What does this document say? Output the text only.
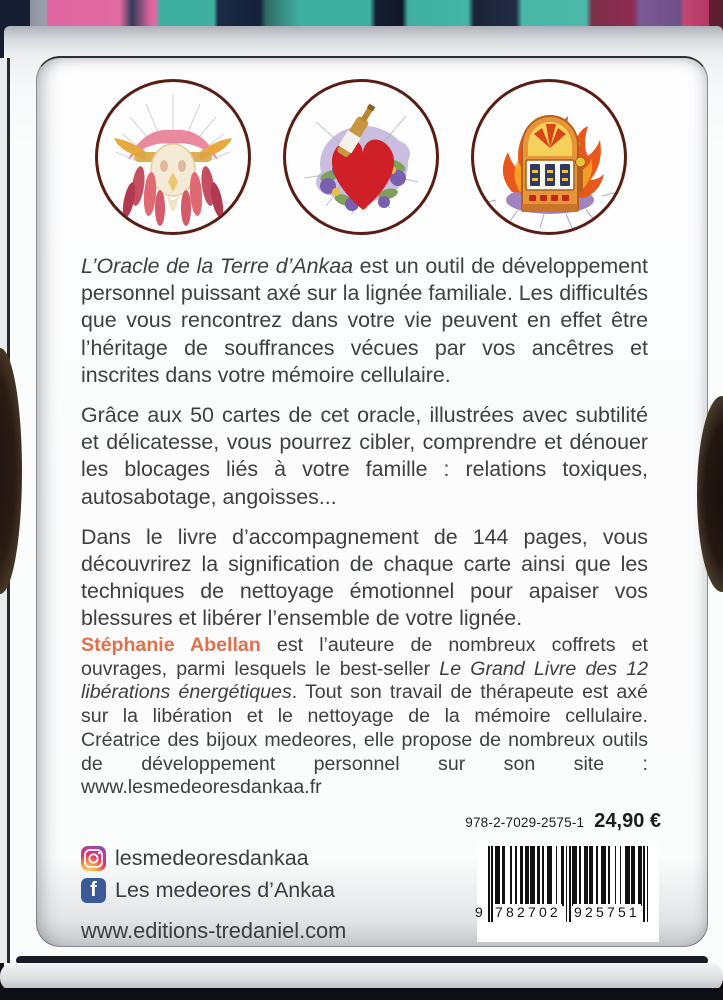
L’Oracle de la Terre d’Ankaa est un outil de développement personnel puissant axé sur la lignée familiale. Les difficultés que vous rencontrez dans votre vie peuvent en effet être l’héritage de souffrances vécues par vos ancêtres et inscrites dans votre mémoire cellulaire.

Grâce aux 50 cartes de cet oracle, illustrées avec subtilité et délicatesse, vous pourrez cibler, comprendre et dénouer les blocages liés à votre famille : relations toxiques, autosabotage, angoisses...

Dans le livre d’accompagnement de 144 pages, vous découvrirez la signification de chaque carte ainsi que les techniques de nettoyage émotionnel pour apaiser vos blessures et libérer l’ensemble de votre lignée.

Stéphanie Abellan est l’auteure de nombreux coffrets et ouvrages, parmi lesquels le best-seller Le Grand Livre des 12 libérations énergétiques. Tout son travail de thérapeute est axé sur la libération et le nettoyage de la mémoire cellulaire. Créatrice des bijoux medeores, elle propose de nombreux outils de développement personnel sur son site : www.lesmedeoresdankaa.fr
978-2-7029-2575-1 24,90 €
9 782702 925751
lesmedeoresdankaa
f Les medeores d’Ankaa
www.editions-tredaniel.com
